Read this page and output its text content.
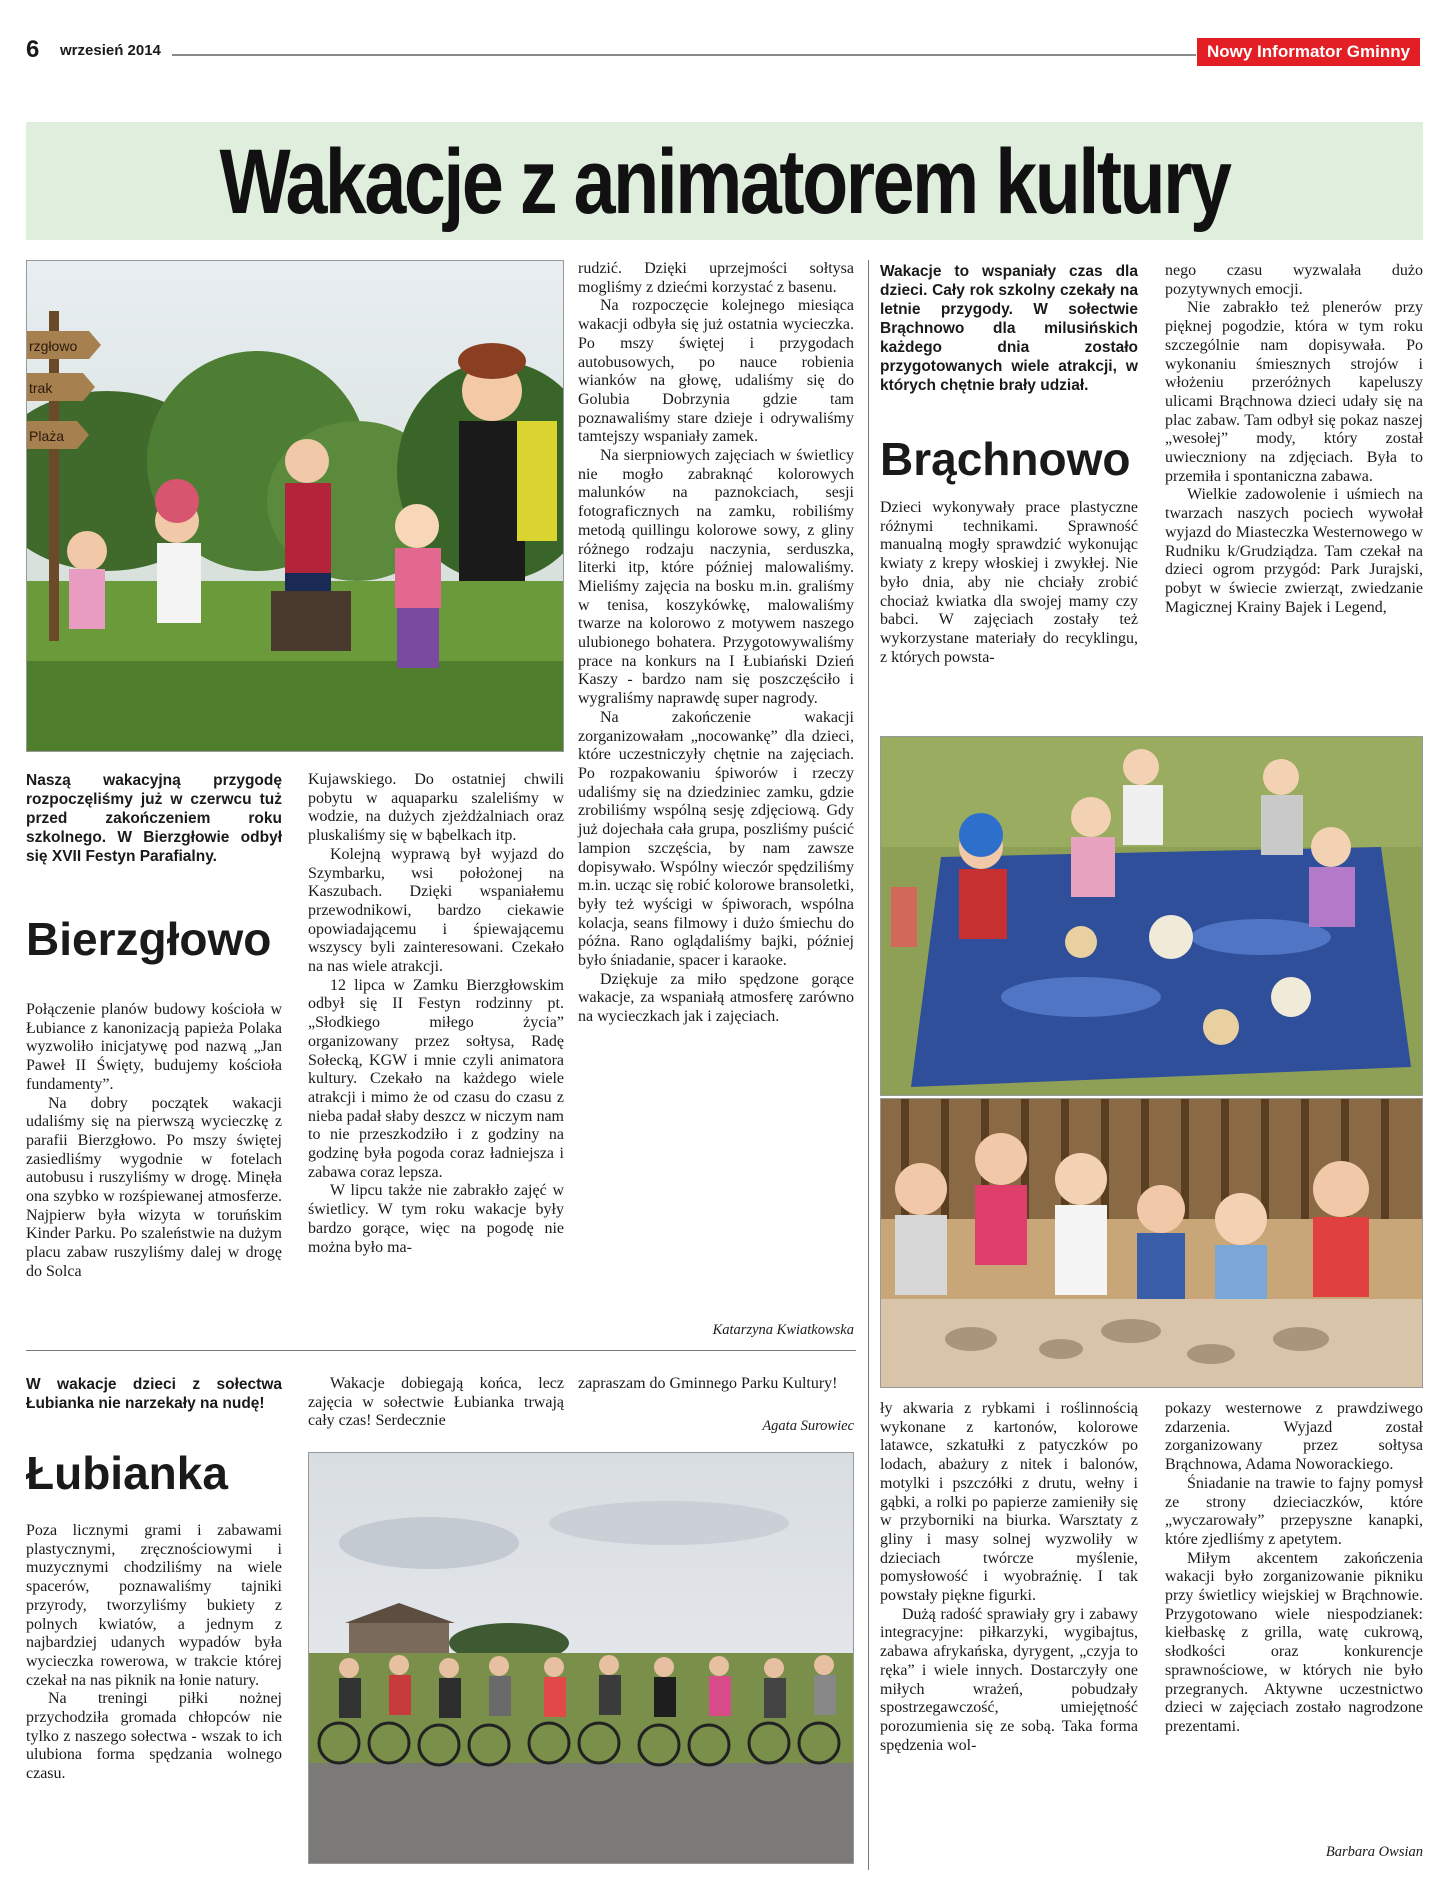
6 wrzesień 2014	Nowy Informator Gminny
Wakacje z animatorem kultury
rzgłowo
trak
Plaża
Naszą wakacyjną przygodę rozpoczęliśmy już w czerwcu tuż przed zakończeniem roku szkolnego. W Bierzgłowie odbył się XVII Festyn Parafialny.
Bierzgłowo

Połączenie planów budowy kościoła w Łubiance z kanonizacją papieża Polaka wyzwoliło inicjatywę pod nazwą „Jan Paweł II Święty, budujemy kościoła fundamenty”.

Na dobry początek wakacji udaliśmy się na pierwszą wycieczkę z parafii Bierzgłowo. Po mszy świętej zasiedliśmy wygodnie w fotelach autobusu i ruszyliśmy w drogę. Minęła ona szybko w rozśpiewanej atmosferze. Najpierw była wizyta w toruńskim Kinder Parku. Po szaleństwie na dużym placu zabaw ruszyliśmy dalej w drogę do Solca

Kujawskiego. Do ostatniej chwili pobytu w aquaparku szaleliśmy w wodzie, na dużych zjeżdżalniach oraz pluskaliśmy się w bąbelkach itp.

Kolejną wyprawą był wyjazd do Szymbarku, wsi położonej na Kaszubach. Dzięki wspaniałemu przewodnikowi, bardzo ciekawie opowiadającemu i śpiewającemu wszyscy byli zainteresowani. Czekało na nas wiele atrakcji.

12 lipca w Zamku Bierzgłowskim odbył się II Festyn rodzinny pt. „Słodkiego miłego życia” organizowany przez sołtysa, Radę Sołecką, KGW i mnie czyli animatora kultury. Czekało na każdego wiele atrakcji i mimo że od czasu do czasu z nieba padał słaby deszcz w niczym nam to nie przeszkodziło i z godziny na godzinę była pogoda coraz ładniejsza i zabawa coraz lepsza.

W lipcu także nie zabrakło zajęć w świetlicy. W tym roku wakacje były bardzo gorące, więc na pogodę nie można było ma-

rudzić. Dzięki uprzejmości sołtysa mogliśmy z dziećmi korzystać z basenu.

Na rozpoczęcie kolejnego miesiąca wakacji odbyła się już ostatnia wycieczka. Po mszy świętej i przygodach autobusowych, po nauce robienia wianków na głowę, udaliśmy się do Golubia Dobrzynia gdzie tam poznawaliśmy stare dzieje i odrywaliśmy tamtejszy wspaniały zamek.

Na sierpniowych zajęciach w świetlicy nie mogło zabraknąć kolorowych malunków na paznokciach, sesji fotograficznych na zamku, robiliśmy metodą quillingu kolorowe sowy, z gliny różnego rodzaju naczynia, serduszka, literki itp, które później malowaliśmy. Mieliśmy zajęcia na bosku m.in. graliśmy w tenisa, koszykówkę, malowaliśmy twarze na kolorowo z motywem naszego ulubionego bohatera. Przygotowywaliśmy prace na konkurs na I Łubiański Dzień Kaszy - bardzo nam się poszczęściło i wygraliśmy naprawdę super nagrody.

Na zakończenie wakacji zorganizowałam „nocowankę” dla dzieci, które uczestniczyły chętnie na zajęciach. Po rozpakowaniu śpiworów i rzeczy udaliśmy się na dziedziniec zamku, gdzie zrobiliśmy wspólną sesję zdjęciową. Gdy już dojechała cała grupa, poszliśmy puścić lampion szczęścia, by nam zawsze dopisywało. Wspólny wieczór spędziliśmy m.in. ucząc się robić kolorowe bransoletki, były też wyścigi w śpiworach, wspólna kolacja, seans filmowy i dużo śmiechu do późna. Rano oglądaliśmy bajki, później było śniadanie, spacer i karaoke.

Dziękuje za miło spędzone gorące wakacje, za wspaniałą atmosferę zarówno na wycieczkach jak i zajęciach.

Katarzyna Kwiatkowska
Wakacje to wspaniały czas dla dzieci. Cały rok szkolny czekały na letnie przygody. W sołectwie Brąchnowo dla milusińskich każdego dnia zostało przygotowanych wiele atrakcji, w których chętnie brały udział.
Brąchnowo

Dzieci wykonywały prace plastyczne różnymi technikami. Sprawność manualną mogły sprawdzić wykonując kwiaty z krepy włoskiej i zwykłej. Nie było dnia, aby nie chciały zrobić chociaż kwiatka dla swojej mamy czy babci. W zajęciach zostały też wykorzystane materiały do recyklingu, z których powsta-

nego czasu wyzwalała dużo pozytywnych emocji.

Nie zabrakło też plenerów przy pięknej pogodzie, która w tym roku szczególnie nam dopisywała. Po wykonaniu śmiesznych strojów i włożeniu przeróżnych kapeluszy ulicami Brąchnowa dzieci udały się na plac zabaw. Tam odbył się pokaz naszej „wesołej” mody, który został uwieczniony na zdjęciach. Była to przemiła i spontaniczna zabawa.

Wielkie zadowolenie i uśmiech na twarzach naszych pociech wywołał wyjazd do Miasteczka Westernowego w Rudniku k/Grudziądza. Tam czekał na dzieci ogrom przygód: Park Jurajski, pobyt w świecie zwierząt, zwiedzanie Magicznej Krainy Bajek i Legend,

ły akwaria z rybkami i roślinnością wykonane z kartonów, kolorowe latawce, szkatułki z patyczków po lodach, abażury z nitek i balonów, motylki i pszczółki z drutu, wełny i gąbki, a rolki po papierze zamieniły się w przyborniki na biurka. Warsztaty z gliny i masy solnej wyzwoliły w dzieciach twórcze myślenie, pomysłowość i wyobraźnię. I tak powstały piękne figurki.

Dużą radość sprawiały gry i zabawy integracyjne: piłkarzyki, wygibajtus, zabawa afrykańska, dyrygent, „czyja to ręka” i wiele innych. Dostarczyły one miłych wrażeń, pobudzały spostrzegawczość, umiejętność porozumienia się ze sobą. Taka forma spędzenia wol-

pokazy westernowe z prawdziwego zdarzenia. Wyjazd został zorganizowany przez sołtysa Brąchnowa, Adama Noworackiego.

Śniadanie na trawie to fajny pomysł ze strony dzieciaczków, które „wyczarowały” przepyszne kanapki, które zjedliśmy z apetytem.

Miłym akcentem zakończenia wakacji było zorganizowanie pikniku przy świetlicy wiejskiej w Brąchnowie. Przygotowano wiele niespodzianek: kiełbaskę z grilla, watę cukrową, słodkości oraz konkurencje sprawnościowe, w których nie było przegranych. Aktywne uczestnictwo dzieci w zajęciach zostało nagrodzone prezentami.

Barbara Owsian
W wakacje dzieci z sołectwa Łubianka nie narzekały na nudę!
Łubianka

Poza licznymi grami i zabawami plastycznymi, zręcznościowymi i muzycznymi chodziliśmy na wiele spacerów, poznawaliśmy tajniki przyrody, tworzyliśmy bukiety z polnych kwiatów, a jednym z najbardziej udanych wypadów była wycieczka rowerowa, w trakcie której czekał na nas piknik na łonie natury.

Na treningi piłki nożnej przychodziła gromada chłopców nie tylko z naszego sołectwa - wszak to ich ulubiona forma spędzania wolnego czasu.

Wakacje dobiegają końca, lecz zajęcia w sołectwie Łubianka trwają cały czas! Serdecznie

zapraszam do Gminnego Parku Kultury!

Agata Surowiec
